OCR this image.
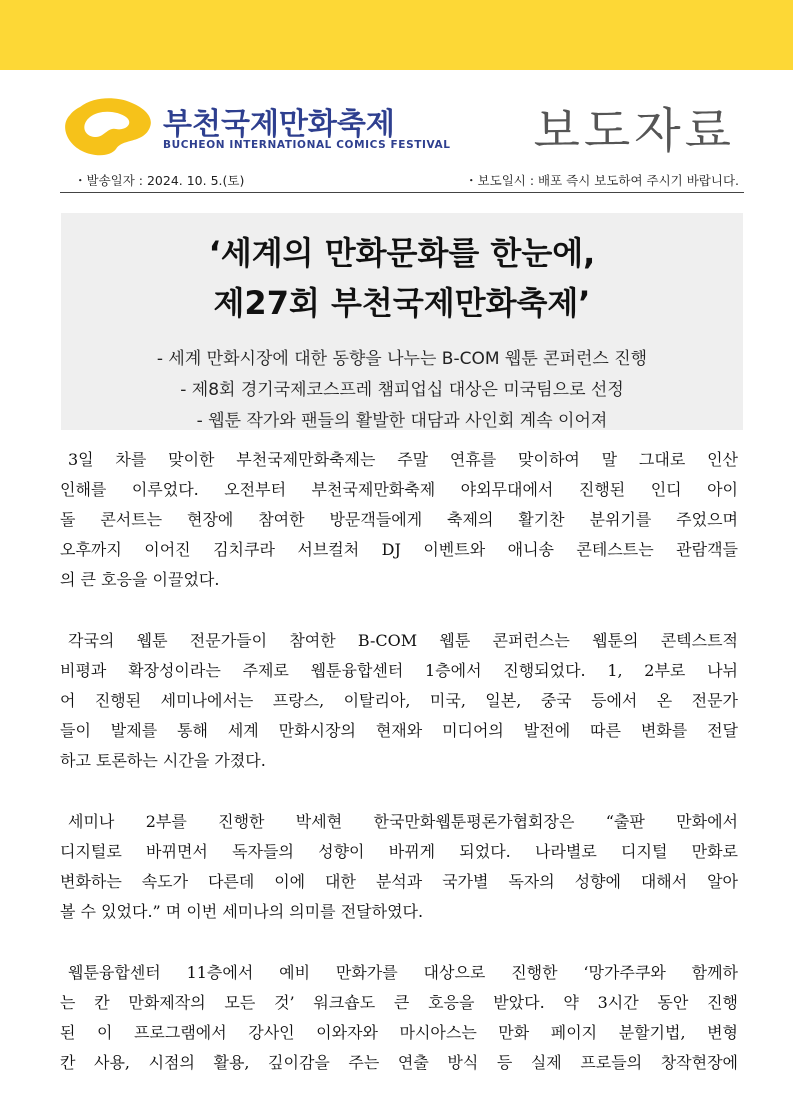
부천국제만화축제
BUCHEON INTERNATIONAL COMICS FESTIVAL 보도자료
・발송일자 : 2024. 10. 5.(토)	・보도일시 : 배포 즉시 보도하여 주시기 바랍니다.
‘세계의 만화문화를 한눈에,
제27회 부천국제만화축제’
- 세계 만화시장에 대한 동향을 나누는 B-COM 웹툰 콘퍼런스 진행
- 제8회 경기국제코스프레 챔피업십 대상은 미국팀으로 선정
- 웹툰 작가와 팬들의 활발한 대담과 사인회 계속 이어져
3일 차를 맞이한 부천국제만화축제는 주말 연휴를 맞이하여 말 그대로 인산
인해를 이루었다. 오전부터 부천국제만화축제 야외무대에서 진행된 인디 아이
돌 콘서트는 현장에 참여한 방문객들에게 축제의 활기찬 분위기를 주었으며
오후까지 이어진 김치쿠라 서브컬처 DJ 이벤트와 애니송 콘테스트는 관람객들
의 큰 호응을 이끌었다.
각국의 웹툰 전문가들이 참여한 B-COM 웹툰 콘퍼런스는 웹툰의 콘텍스트적
비평과 확장성이라는 주제로 웹툰융합센터 1층에서 진행되었다. 1, 2부로 나뉘
어 진행된 세미나에서는 프랑스, 이탈리아, 미국, 일본, 중국 등에서 온 전문가
들이 발제를 통해 세계 만화시장의 현재와 미디어의 발전에 따른 변화를 전달
하고 토론하는 시간을 가졌다.
세미나 2부를 진행한 박세현 한국만화웹툰평론가협회장은 “출판 만화에서
디지털로 바뀌면서 독자들의 성향이 바뀌게 되었다. 나라별로 디지털 만화로
변화하는 속도가 다른데 이에 대한 분석과 국가별 독자의 성향에 대해서 알아
볼 수 있었다.” 며 이번 세미나의 의미를 전달하였다.
웹툰융합센터 11층에서 예비 만화가를 대상으로 진행한 ‘망가주쿠와 함께하
는 칸 만화제작의 모든 것’ 워크숍도 큰 호응을 받았다. 약 3시간 동안 진행
된 이 프로그램에서 강사인 이와자와 마시아스는 만화 페이지 분할기법, 변형
칸 사용, 시점의 활용, 깊이감을 주는 연출 방식 등 실제 프로들의 창작현장에
